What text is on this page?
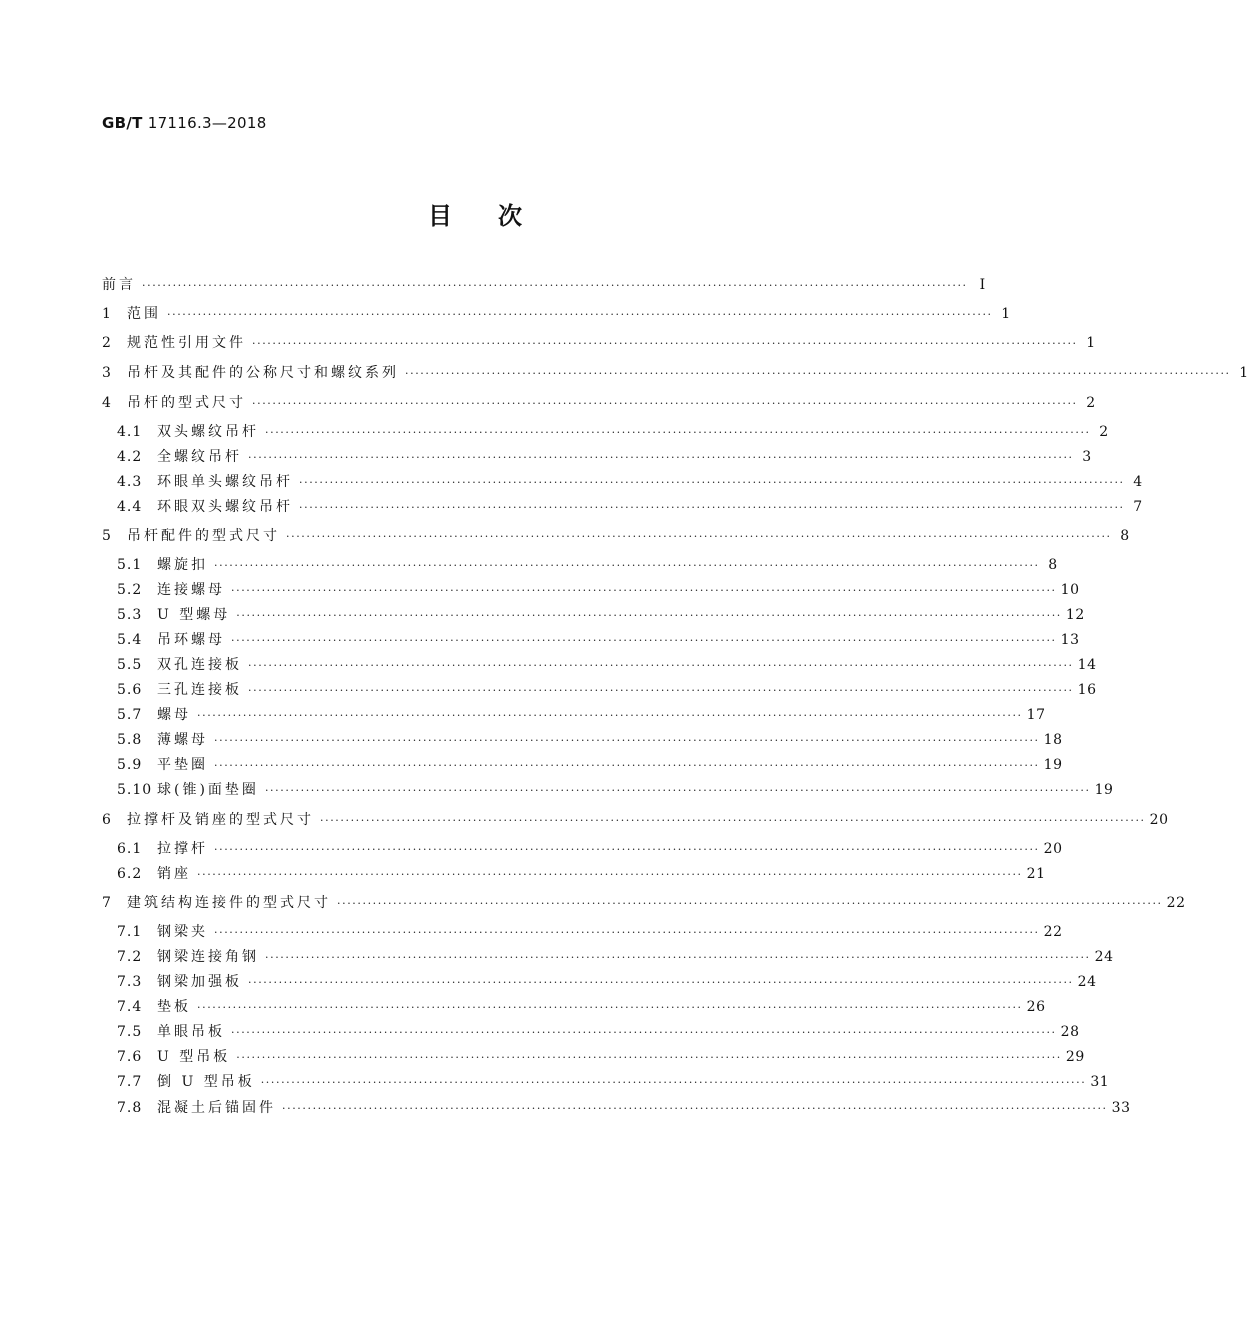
GB/T 17116.3—2018
目次
前言 ·································································································································································· Ⅰ
1	范围 ·································································································································································· 1
2	规范性引用文件 ·································································································································································· 1
3	吊杆及其配件的公称尺寸和螺纹系列 ·································································································································································· 1
4	吊杆的型式尺寸 ·································································································································································· 2
4.1	双头螺纹吊杆 ·································································································································································· 2
4.2	全螺纹吊杆 ·································································································································································· 3
4.3	环眼单头螺纹吊杆 ·································································································································································· 4
4.4	环眼双头螺纹吊杆 ·································································································································································· 7
5	吊杆配件的型式尺寸 ·································································································································································· 8
5.1	螺旋扣 ·································································································································································· 8
5.2	连接螺母 ·································································································································································· 10
5.3	U 型螺母 ·································································································································································· 12
5.4	吊环螺母 ·································································································································································· 13
5.5	双孔连接板 ·································································································································································· 14
5.6	三孔连接板 ·································································································································································· 16
5.7	螺母 ·································································································································································· 17
5.8	薄螺母 ·································································································································································· 18
5.9	平垫圈 ·································································································································································· 19
5.10 球(锥)面垫圈 ·································································································································································· 19
6	拉撑杆及销座的型式尺寸 ·································································································································································· 20
6.1	拉撑杆 ·································································································································································· 20
6.2	销座 ·································································································································································· 21
7	建筑结构连接件的型式尺寸 ·································································································································································· 22
7.1	钢梁夹 ·································································································································································· 22
7.2	钢梁连接角钢 ·································································································································································· 24
7.3	钢梁加强板 ·································································································································································· 24
7.4	垫板 ·································································································································································· 26
7.5	单眼吊板 ·································································································································································· 28
7.6	U 型吊板 ·································································································································································· 29
7.7	倒 U 型吊板 ·································································································································································· 31
7.8	混凝土后锚固件 ·································································································································································· 33
